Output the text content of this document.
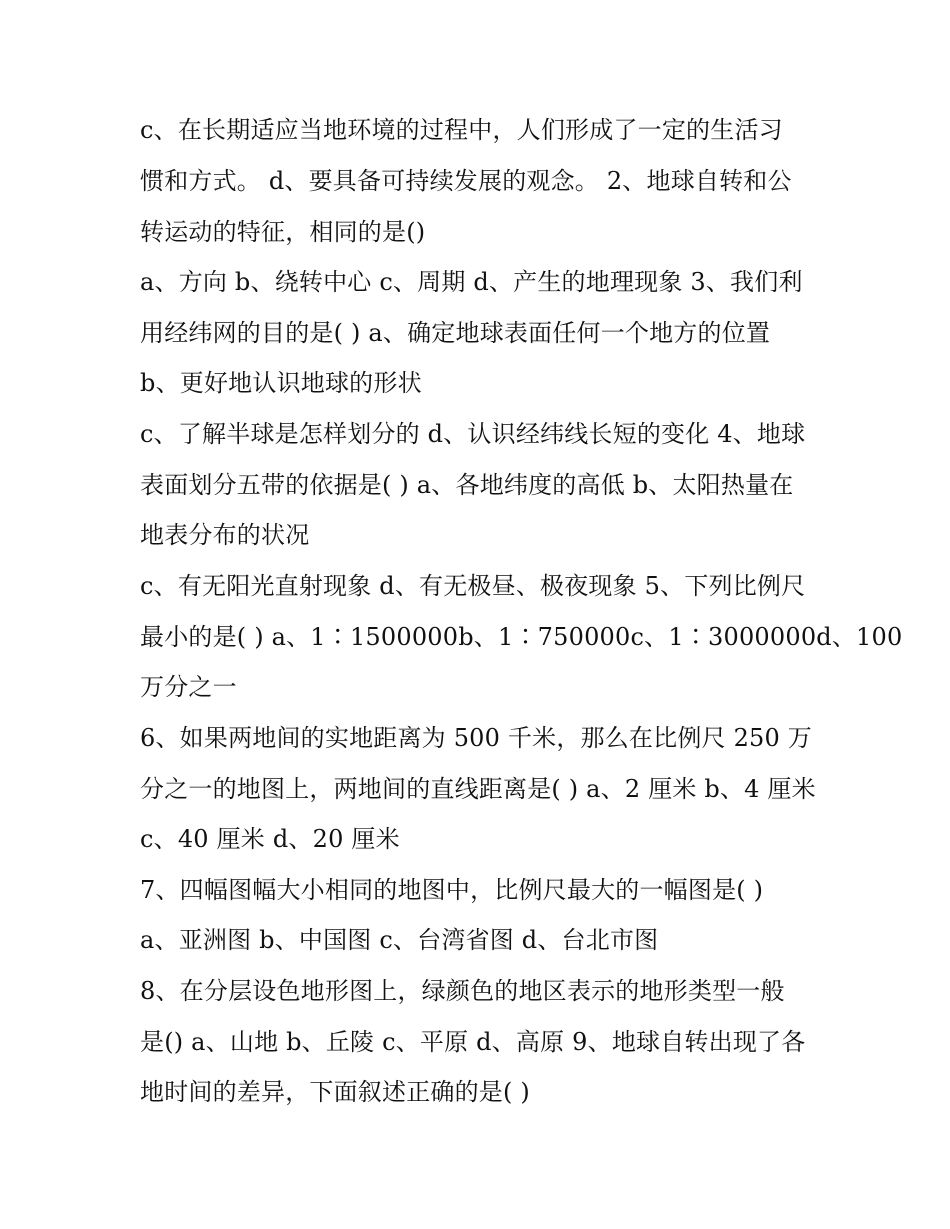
c、在长期适应当地环境的过程中，人们形成了一定的生活习
惯和方式。 d、要具备可持续发展的观念。 2、地球自转和公
转运动的特征，相同的是()
a、方向 b、绕转中心 c、周期 d、产生的地理现象 3、我们利
用经纬网的目的是( ) a、确定地球表面任何一个地方的位置
b、更好地认识地球的形状
c、了解半球是怎样划分的 d、认识经纬线长短的变化 4、地球
表面划分五带的依据是( ) a、各地纬度的高低 b、太阳热量在
地表分布的状况
c、有无阳光直射现象 d、有无极昼、极夜现象 5、下列比例尺
最小的是( ) a、1∶1500000b、1∶750000c、1∶3000000d、100
万分之一
6、如果两地间的实地距离为 500 千米，那么在比例尺 250 万
分之一的地图上，两地间的直线距离是( ) a、2 厘米 b、4 厘米
c、40 厘米 d、20 厘米
7、四幅图幅大小相同的地图中，比例尺最大的一幅图是( )
a、亚洲图 b、中国图 c、台湾省图 d、台北市图
8、在分层设色地形图上，绿颜色的地区表示的地形类型一般
是() a、山地 b、丘陵 c、平原 d、高原 9、地球自转出现了各
地时间的差异，下面叙述正确的是( )
